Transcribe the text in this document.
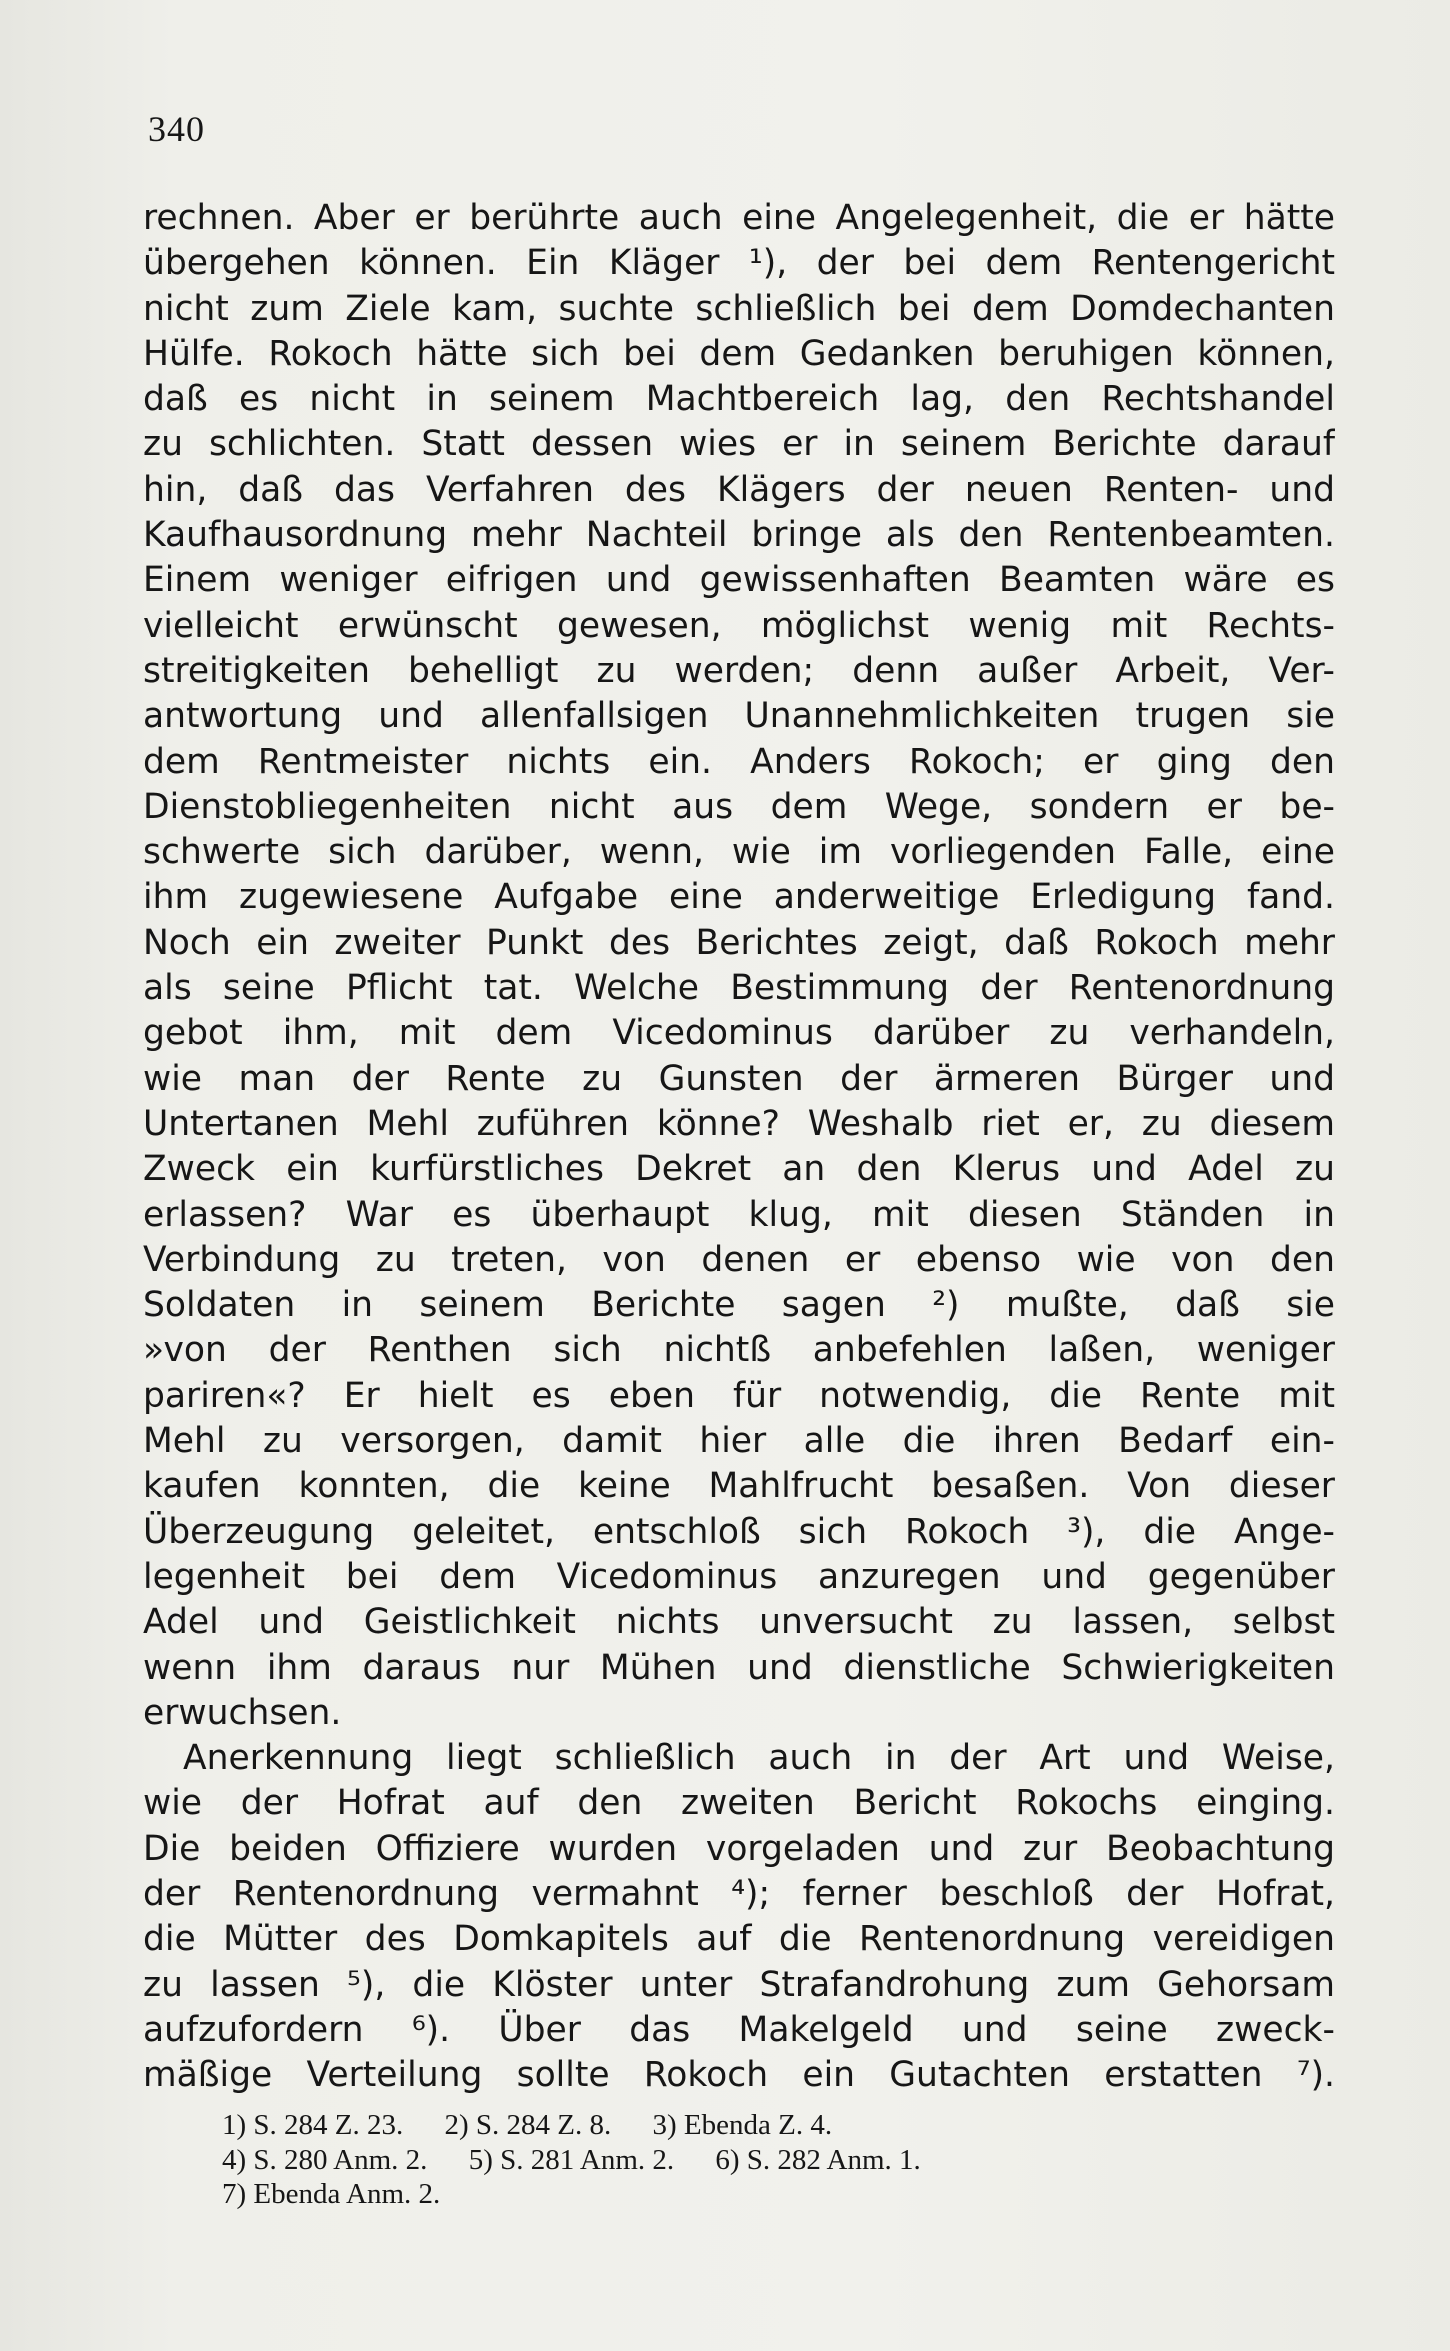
340
rechnen. Aber er berührte auch eine Angelegenheit, die er hätte
übergehen können. Ein Kläger ¹), der bei dem Rentengericht
nicht zum Ziele kam, suchte schließlich bei dem Domdechanten
Hülfe. Rokoch hätte sich bei dem Gedanken beruhigen können,
daß es nicht in seinem Machtbereich lag, den Rechtshandel
zu schlichten. Statt dessen wies er in seinem Berichte darauf
hin, daß das Verfahren des Klägers der neuen Renten- und
Kaufhausordnung mehr Nachteil bringe als den Rentenbeamten.
Einem weniger eifrigen und gewissenhaften Beamten wäre es
vielleicht erwünscht gewesen, möglichst wenig mit Rechts-
streitigkeiten behelligt zu werden; denn außer Arbeit, Ver-
antwortung und allenfallsigen Unannehmlichkeiten trugen sie
dem Rentmeister nichts ein. Anders Rokoch; er ging den
Dienstobliegenheiten nicht aus dem Wege, sondern er be-
schwerte sich darüber, wenn, wie im vorliegenden Falle, eine
ihm zugewiesene Aufgabe eine anderweitige Erledigung fand.
Noch ein zweiter Punkt des Berichtes zeigt, daß Rokoch mehr
als seine Pflicht tat. Welche Bestimmung der Rentenordnung
gebot ihm, mit dem Vicedominus darüber zu verhandeln,
wie man der Rente zu Gunsten der ärmeren Bürger und
Untertanen Mehl zuführen könne? Weshalb riet er, zu diesem
Zweck ein kurfürstliches Dekret an den Klerus und Adel zu
erlassen? War es überhaupt klug, mit diesen Ständen in
Verbindung zu treten, von denen er ebenso wie von den
Soldaten in seinem Berichte sagen ²) mußte, daß sie
»von der Renthen sich nichtß anbefehlen laßen, weniger
pariren«? Er hielt es eben für notwendig, die Rente mit
Mehl zu versorgen, damit hier alle die ihren Bedarf ein-
kaufen konnten, die keine Mahlfrucht besaßen. Von dieser
Überzeugung geleitet, entschloß sich Rokoch ³), die Ange-
legenheit bei dem Vicedominus anzuregen und gegenüber
Adel und Geistlichkeit nichts unversucht zu lassen, selbst
wenn ihm daraus nur Mühen und dienstliche Schwierigkeiten
erwuchsen.
Anerkennung liegt schließlich auch in der Art und Weise,
wie der Hofrat auf den zweiten Bericht Rokochs einging.
Die beiden Offiziere wurden vorgeladen und zur Beobachtung
der Rentenordnung vermahnt ⁴); ferner beschloß der Hofrat,
die Mütter des Domkapitels auf die Rentenordnung vereidigen
zu lassen ⁵), die Klöster unter Strafandrohung zum Gehorsam
aufzufordern ⁶). Über das Makelgeld und seine zweck-
mäßige Verteilung sollte Rokoch ein Gutachten erstatten ⁷).
1) S. 284 Z. 23. 2) S. 284 Z. 8. 3) Ebenda Z. 4.
4) S. 280 Anm. 2. 5) S. 281 Anm. 2. 6) S. 282 Anm. 1.
7) Ebenda Anm. 2.
